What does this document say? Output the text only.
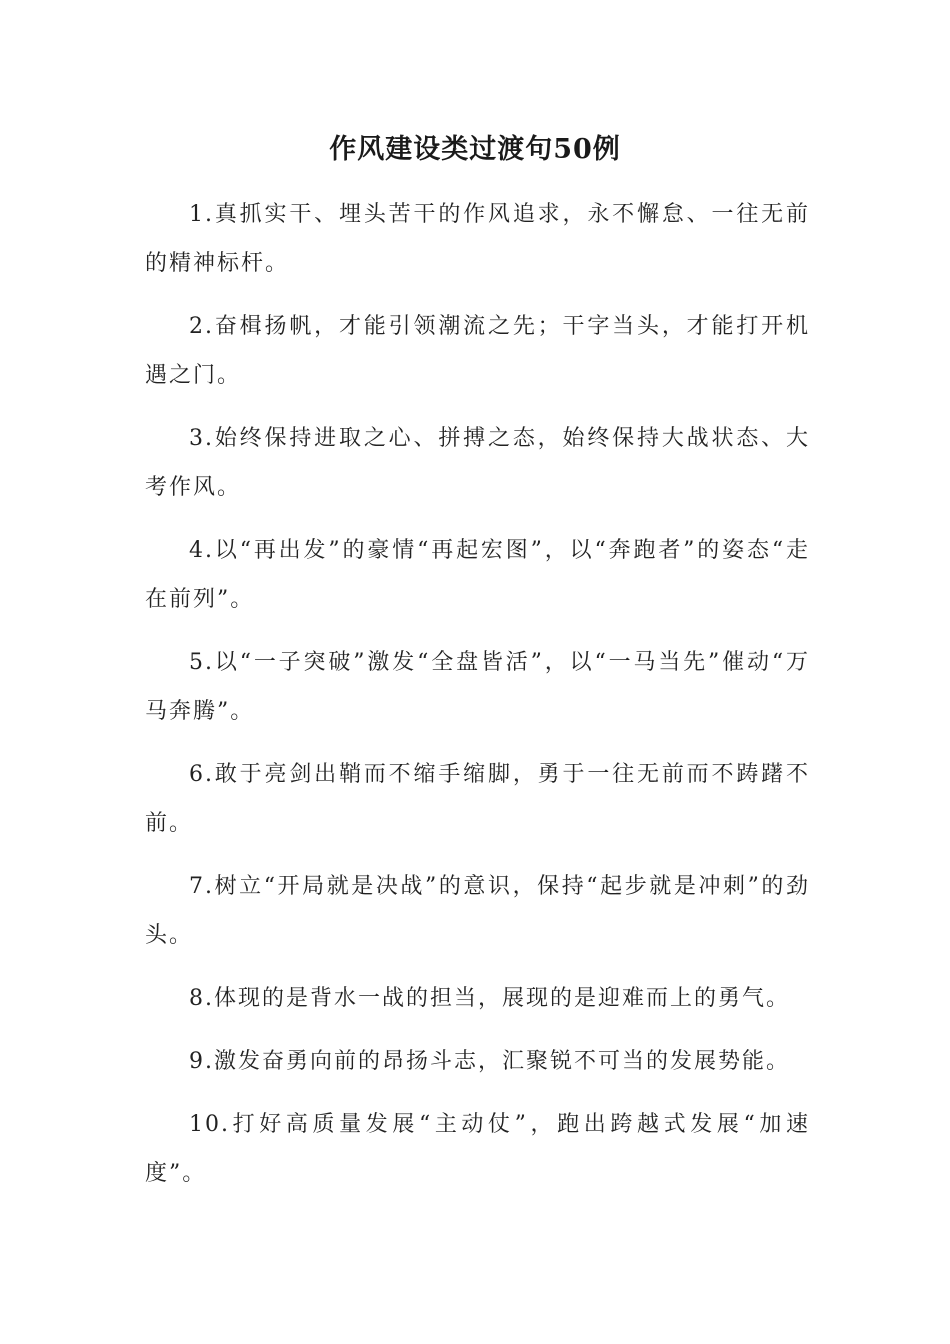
作风建设类过渡句50例

1.真抓实干、埋头苦干的作风追求，永不懈怠、一往无前的精神标杆。

2.奋楫扬帆，才能引领潮流之先；干字当头，才能打开机遇之门。

3.始终保持进取之心、拼搏之态，始终保持大战状态、大考作风。

4.以“再出发”的豪情“再起宏图”，以“奔跑者”的姿态“走在前列”。

5.以“一子突破”激发“全盘皆活”，以“一马当先”催动“万马奔腾”。

6.敢于亮剑出鞘而不缩手缩脚，勇于一往无前而不踌躇不前。

7.树立“开局就是决战”的意识，保持“起步就是冲刺”的劲头。

8.体现的是背水一战的担当，展现的是迎难而上的勇气。

9.激发奋勇向前的昂扬斗志，汇聚锐不可当的发展势能。

10.打好高质量发展“主动仗”，跑出跨越式发展“加速度”。
